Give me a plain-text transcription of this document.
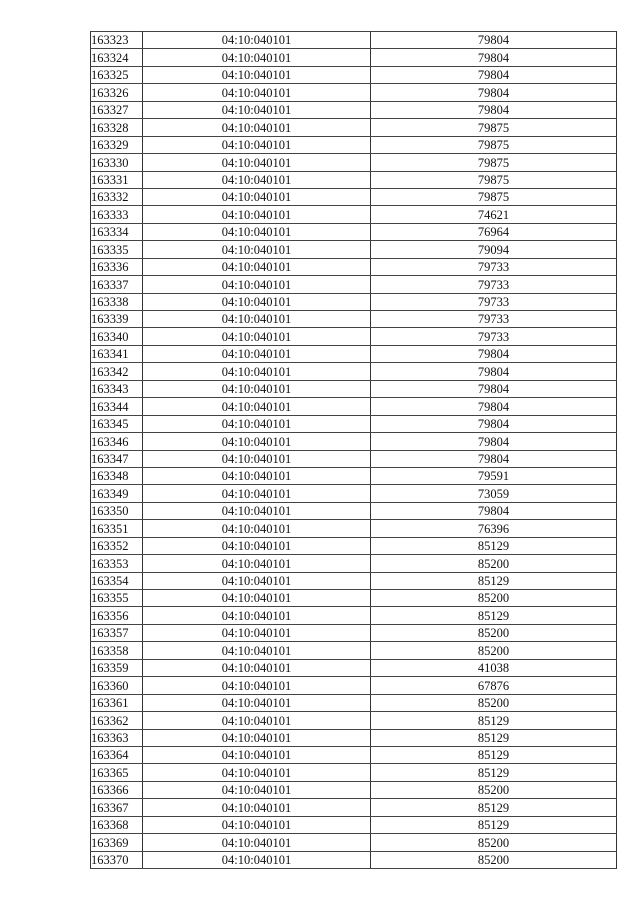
163323	04:10:040101	79804
163324	04:10:040101	79804
163325	04:10:040101	79804
163326	04:10:040101	79804
163327	04:10:040101	79804
163328	04:10:040101	79875
163329	04:10:040101	79875
163330	04:10:040101	79875
163331	04:10:040101	79875
163332	04:10:040101	79875
163333	04:10:040101	74621
163334	04:10:040101	76964
163335	04:10:040101	79094
163336	04:10:040101	79733
163337	04:10:040101	79733
163338	04:10:040101	79733
163339	04:10:040101	79733
163340	04:10:040101	79733
163341	04:10:040101	79804
163342	04:10:040101	79804
163343	04:10:040101	79804
163344	04:10:040101	79804
163345	04:10:040101	79804
163346	04:10:040101	79804
163347	04:10:040101	79804
163348	04:10:040101	79591
163349	04:10:040101	73059
163350	04:10:040101	79804
163351	04:10:040101	76396
163352	04:10:040101	85129
163353	04:10:040101	85200
163354	04:10:040101	85129
163355	04:10:040101	85200
163356	04:10:040101	85129
163357	04:10:040101	85200
163358	04:10:040101	85200
163359	04:10:040101	41038
163360	04:10:040101	67876
163361	04:10:040101	85200
163362	04:10:040101	85129
163363	04:10:040101	85129
163364	04:10:040101	85129
163365	04:10:040101	85129
163366	04:10:040101	85200
163367	04:10:040101	85129
163368	04:10:040101	85129
163369	04:10:040101	85200
163370	04:10:040101	85200
